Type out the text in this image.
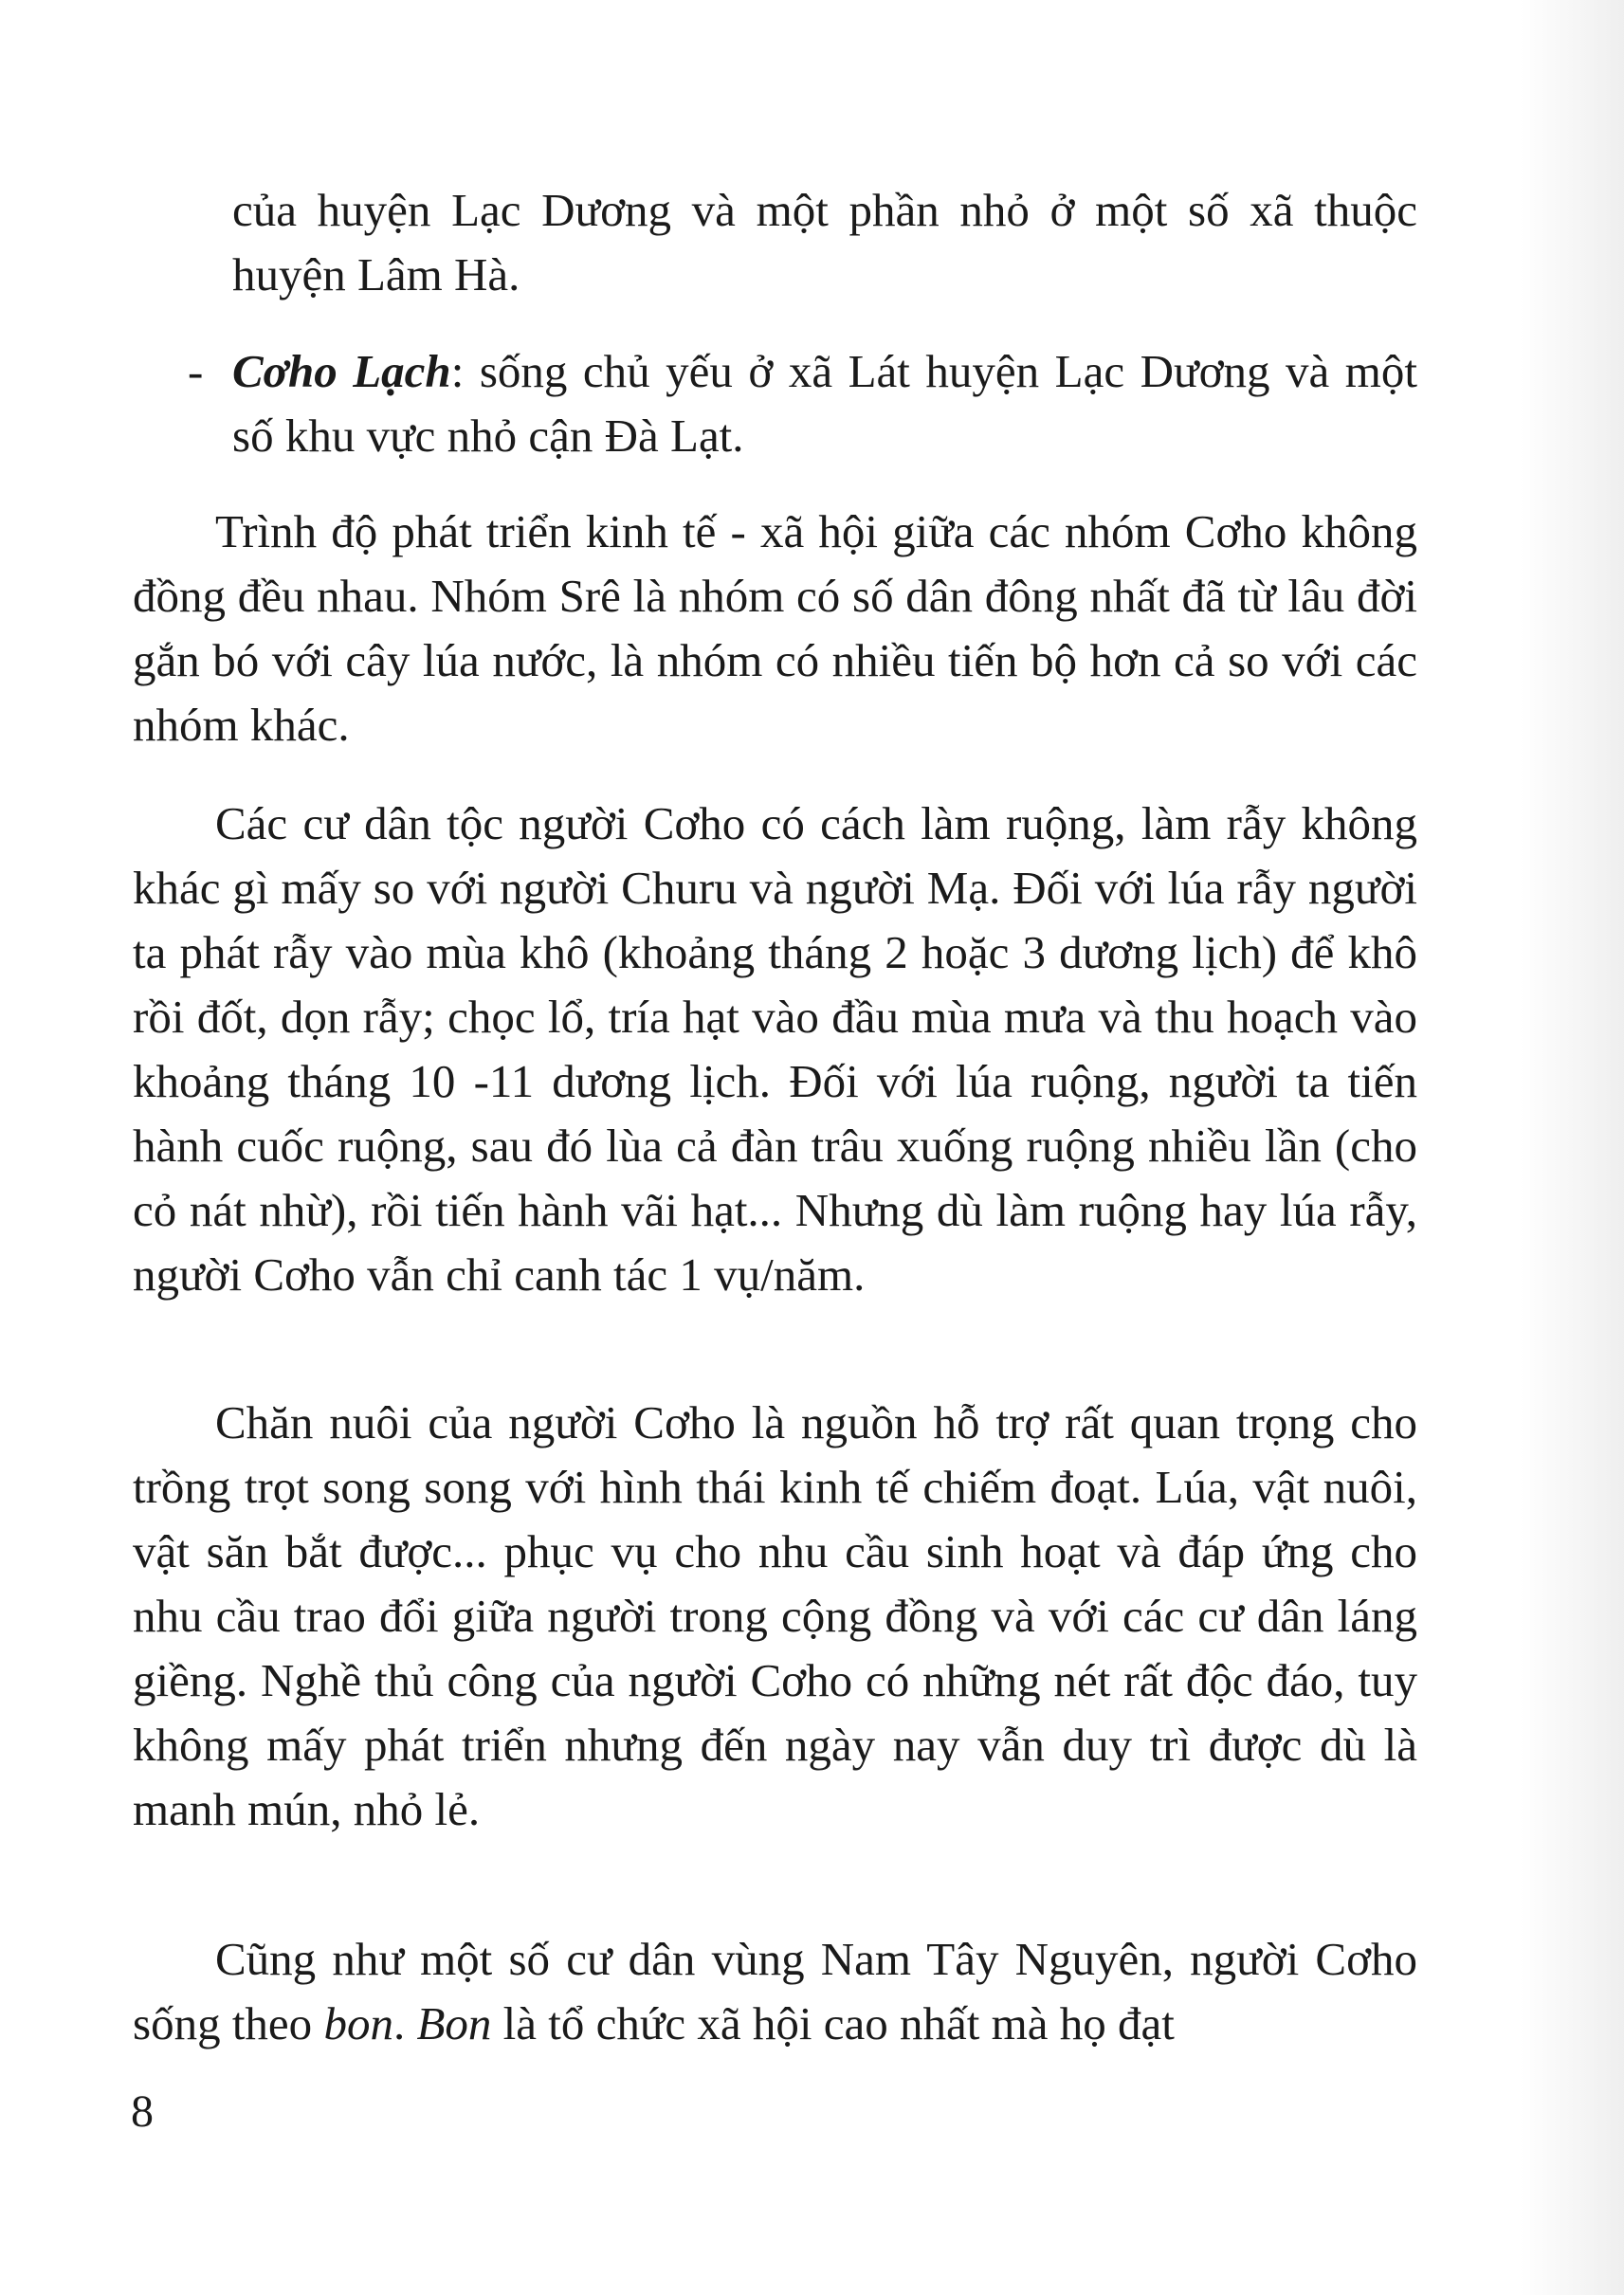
của huyện Lạc Dương và một phần nhỏ ở một số xã thuộc huyện Lâm Hà.

- Cơho Lạch: sống chủ yếu ở xã Lát huyện Lạc Dương và một số khu vực nhỏ cận Đà Lạt.

Trình độ phát triển kinh tế - xã hội giữa các nhóm Cơho không đồng đều nhau. Nhóm Srê là nhóm có số dân đông nhất đã từ lâu đời gắn bó với cây lúa nước, là nhóm có nhiều tiến bộ hơn cả so với các nhóm khác.

Các cư dân tộc người Cơho có cách làm ruộng, làm rẫy không khác gì mấy so với người Churu và người Mạ. Đối với lúa rẫy người ta phát rẫy vào mùa khô (khoảng tháng 2 hoặc 3 dương lịch) để khô rồi đốt, dọn rẫy; chọc lổ, tría hạt vào đầu mùa mưa và thu hoạch vào khoảng tháng 10 -11 dương lịch. Đối với lúa ruộng, người ta tiến hành cuốc ruộng, sau đó lùa cả đàn trâu xuống ruộng nhiều lần (cho cỏ nát nhừ), rồi tiến hành vãi hạt... Nhưng dù làm ruộng hay lúa rẫy, người Cơho vẫn chỉ canh tác 1 vụ/năm.

Chăn nuôi của người Cơho là nguồn hỗ trợ rất quan trọng cho trồng trọt song song với hình thái kinh tế chiếm đoạt. Lúa, vật nuôi, vật săn bắt được... phục vụ cho nhu cầu sinh hoạt và đáp ứng cho nhu cầu trao đổi giữa người trong cộng đồng và với các cư dân láng giềng. Nghề thủ công của người Cơho có những nét rất độc đáo, tuy không mấy phát triển nhưng đến ngày nay vẫn duy trì được dù là manh mún, nhỏ lẻ.

Cũng như một số cư dân vùng Nam Tây Nguyên, người Cơho sống theo bon. Bon là tổ chức xã hội cao nhất mà họ đạt

8
